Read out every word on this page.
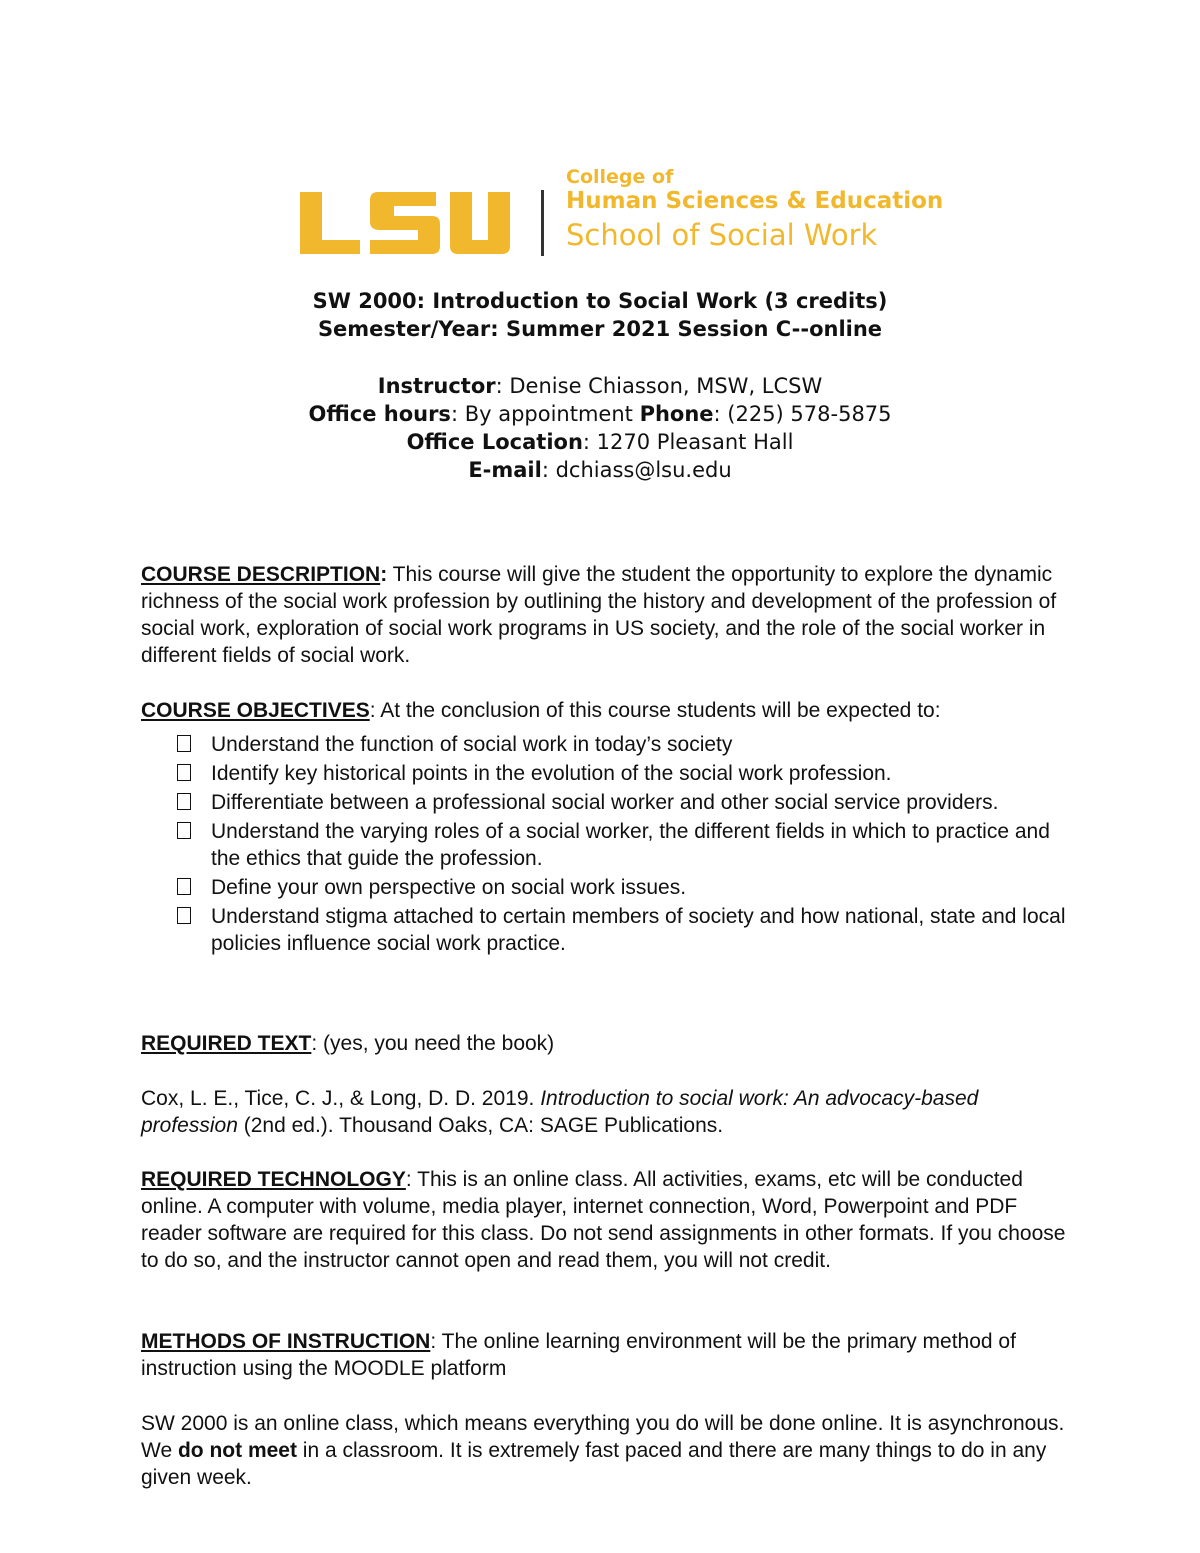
College of
Human Sciences & Education
School of Social Work
SW 2000: Introduction to Social Work (3 credits)
Semester/Year: Summer 2021 Session C--online
Instructor: Denise Chiasson, MSW, LCSW
Office hours: By appointment Phone: (225) 578-5875
Office Location: 1270 Pleasant Hall
E-mail: dchiass@lsu.edu

COURSE DESCRIPTION: This course will give the student the opportunity to explore the dynamic richness of the social work profession by outlining the history and development of the profession of social work, exploration of social work programs in US society, and the role of the social worker in different fields of social work.

COURSE OBJECTIVES: At the conclusion of this course students will be expected to:

Understand the function of social work in today’s society
Identify key historical points in the evolution of the social work profession.
Differentiate between a professional social worker and other social service providers.
Understand the varying roles of a social worker, the different fields in which to practice and the ethics that guide the profession.
Define your own perspective on social work issues.
Understand stigma attached to certain members of society and how national, state and local policies influence social work practice.

REQUIRED TEXT: (yes, you need the book)

Cox, L. E., Tice, C. J., & Long, D. D. 2019. Introduction to social work: An advocacy-based profession (2nd ed.). Thousand Oaks, CA: SAGE Publications.

REQUIRED TECHNOLOGY: This is an online class. All activities, exams, etc will be conducted online. A computer with volume, media player, internet connection, Word, Powerpoint and PDF reader software are required for this class. Do not send assignments in other formats. If you choose to do so, and the instructor cannot open and read them, you will not credit.

METHODS OF INSTRUCTION: The online learning environment will be the primary method of instruction using the MOODLE platform

SW 2000 is an online class, which means everything you do will be done online. It is asynchronous. We do not meet in a classroom. It is extremely fast paced and there are many things to do in any given week.
